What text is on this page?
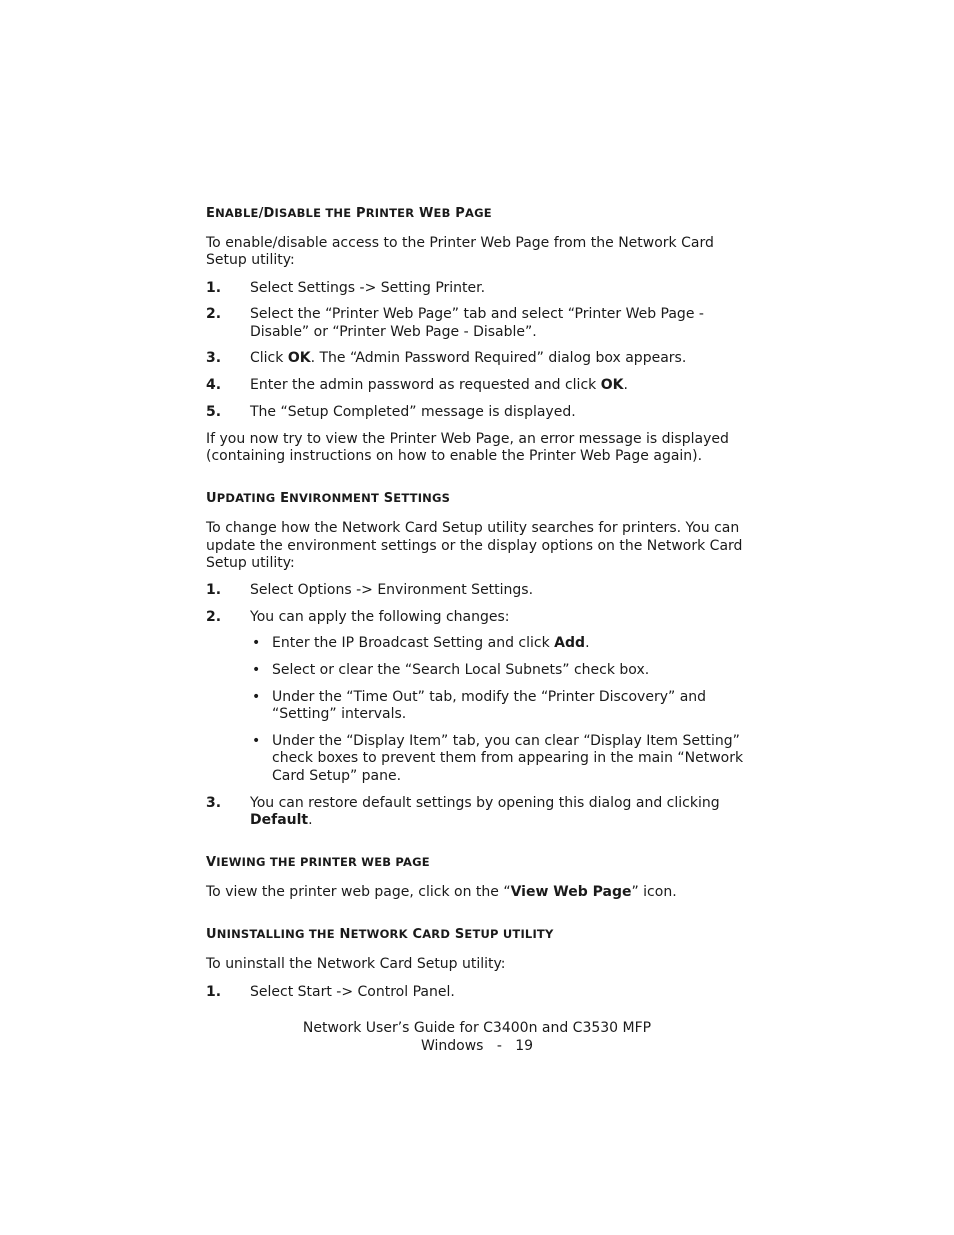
ENABLE/DISABLE THE PRINTER WEB PAGE

To enable/disable access to the Printer Web Page from the Network Card Setup utility:

1. Select Settings -> Setting Printer.
2. Select the “Printer Web Page” tab and select “Printer Web Page - Disable” or “Printer Web Page - Disable”.
3. Click OK. The “Admin Password Required” dialog box appears.
4. Enter the admin password as requested and click OK.
5. The “Setup Completed” message is displayed.

If you now try to view the Printer Web Page, an error message is displayed (containing instructions on how to enable the Printer Web Page again).

UPDATING ENVIRONMENT SETTINGS

To change how the Network Card Setup utility searches for printers. You can update the environment settings or the display options on the Network Card Setup utility:

1. Select Options -> Environment Settings.
2. You can apply the following changes:
• Enter the IP Broadcast Setting and click Add.
• Select or clear the “Search Local Subnets” check box.
• Under the “Time Out” tab, modify the “Printer Discovery” and “Setting” intervals.
• Under the “Display Item” tab, you can clear “Display Item Setting” check boxes to prevent them from appearing in the main “Network Card Setup” pane.
3. You can restore default settings by opening this dialog and clicking Default.
VIEWING THE PRINTER WEB PAGE

To view the printer web page, click on the “View Web Page” icon.

UNINSTALLING THE NETWORK CARD SETUP UTILITY

To uninstall the Network Card Setup utility:

1. Select Start -> Control Panel.
Network User’s Guide for C3400n and C3530 MFP
Windows   -   19
